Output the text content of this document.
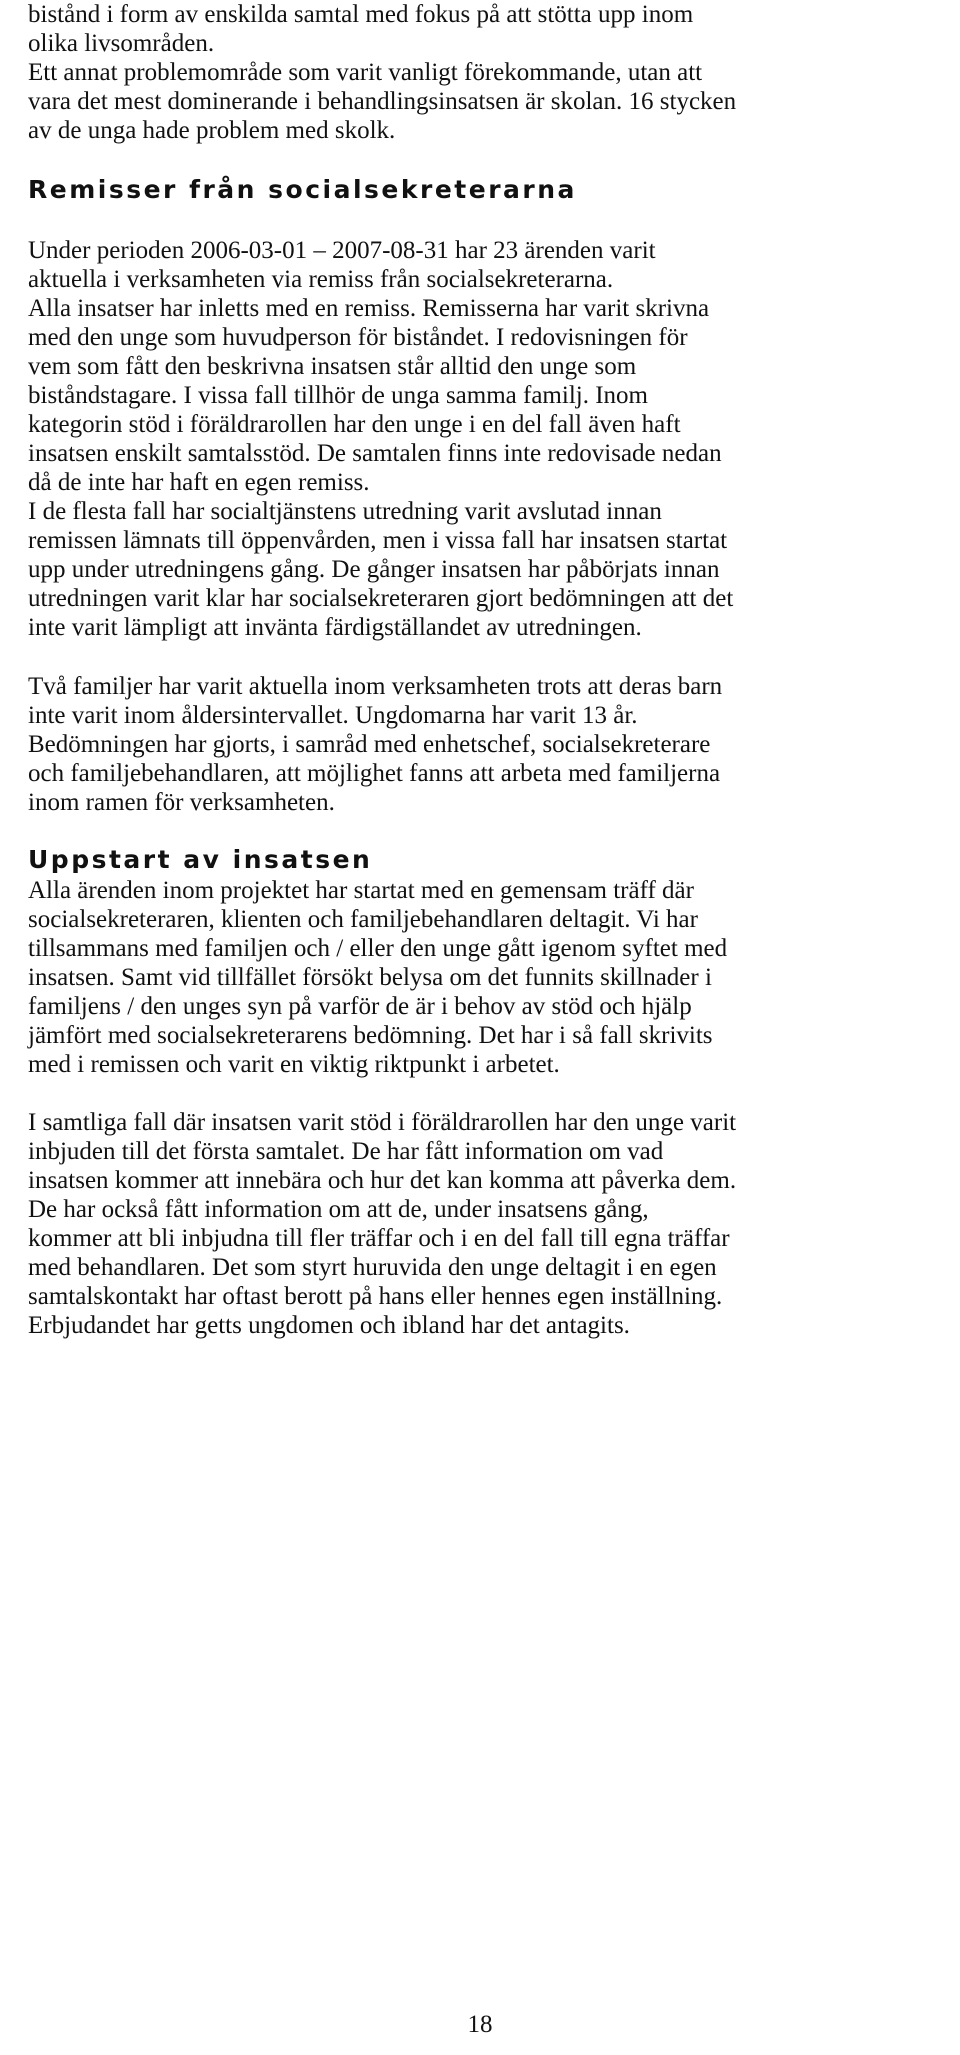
bistånd i form av enskilda samtal med fokus på att stötta upp inom

olika livsområden.

Ett annat problemområde som varit vanligt förekommande, utan att

vara det mest dominerande i behandlingsinsatsen är skolan. 16 stycken

av de unga hade problem med skolk.

Remisser från socialsekreterarna

Under perioden 2006-03-01 – 2007-08-31 har 23 ärenden varit

aktuella i verksamheten via remiss från socialsekreterarna.

Alla insatser har inletts med en remiss. Remisserna har varit skrivna

med den unge som huvudperson för biståndet. I redovisningen för

vem som fått den beskrivna insatsen står alltid den unge som

biståndstagare. I vissa fall tillhör de unga samma familj. Inom

kategorin stöd i föräldrarollen har den unge i en del fall även haft

insatsen enskilt samtalsstöd. De samtalen finns inte redovisade nedan

då de inte har haft en egen remiss.

I de flesta fall har socialtjänstens utredning varit avslutad innan

remissen lämnats till öppenvården, men i vissa fall har insatsen startat

upp under utredningens gång. De gånger insatsen har påbörjats innan

utredningen varit klar har socialsekreteraren gjort bedömningen att det

inte varit lämpligt att invänta färdigställandet av utredningen.

Två familjer har varit aktuella inom verksamheten trots att deras barn

inte varit inom åldersintervallet. Ungdomarna har varit 13 år.

Bedömningen har gjorts, i samråd med enhetschef, socialsekreterare

och familjebehandlaren, att möjlighet fanns att arbeta med familjerna

inom ramen för verksamheten.

Uppstart av insatsen

Alla ärenden inom projektet har startat med en gemensam träff där

socialsekreteraren, klienten och familjebehandlaren deltagit. Vi har

tillsammans med familjen och / eller den unge gått igenom syftet med

insatsen. Samt vid tillfället försökt belysa om det funnits skillnader i

familjens / den unges syn på varför de är i behov av stöd och hjälp

jämfört med socialsekreterarens bedömning. Det har i så fall skrivits

med i remissen och varit en viktig riktpunkt i arbetet.

I samtliga fall där insatsen varit stöd i föräldrarollen har den unge varit

inbjuden till det första samtalet. De har fått information om vad

insatsen kommer att innebära och hur det kan komma att påverka dem.

De har också fått information om att de, under insatsens gång,

kommer att bli inbjudna till fler träffar och i en del fall till egna träffar

med behandlaren. Det som styrt huruvida den unge deltagit i en egen

samtalskontakt har oftast berott på hans eller hennes egen inställning.

Erbjudandet har getts ungdomen och ibland har det antagits.

18
